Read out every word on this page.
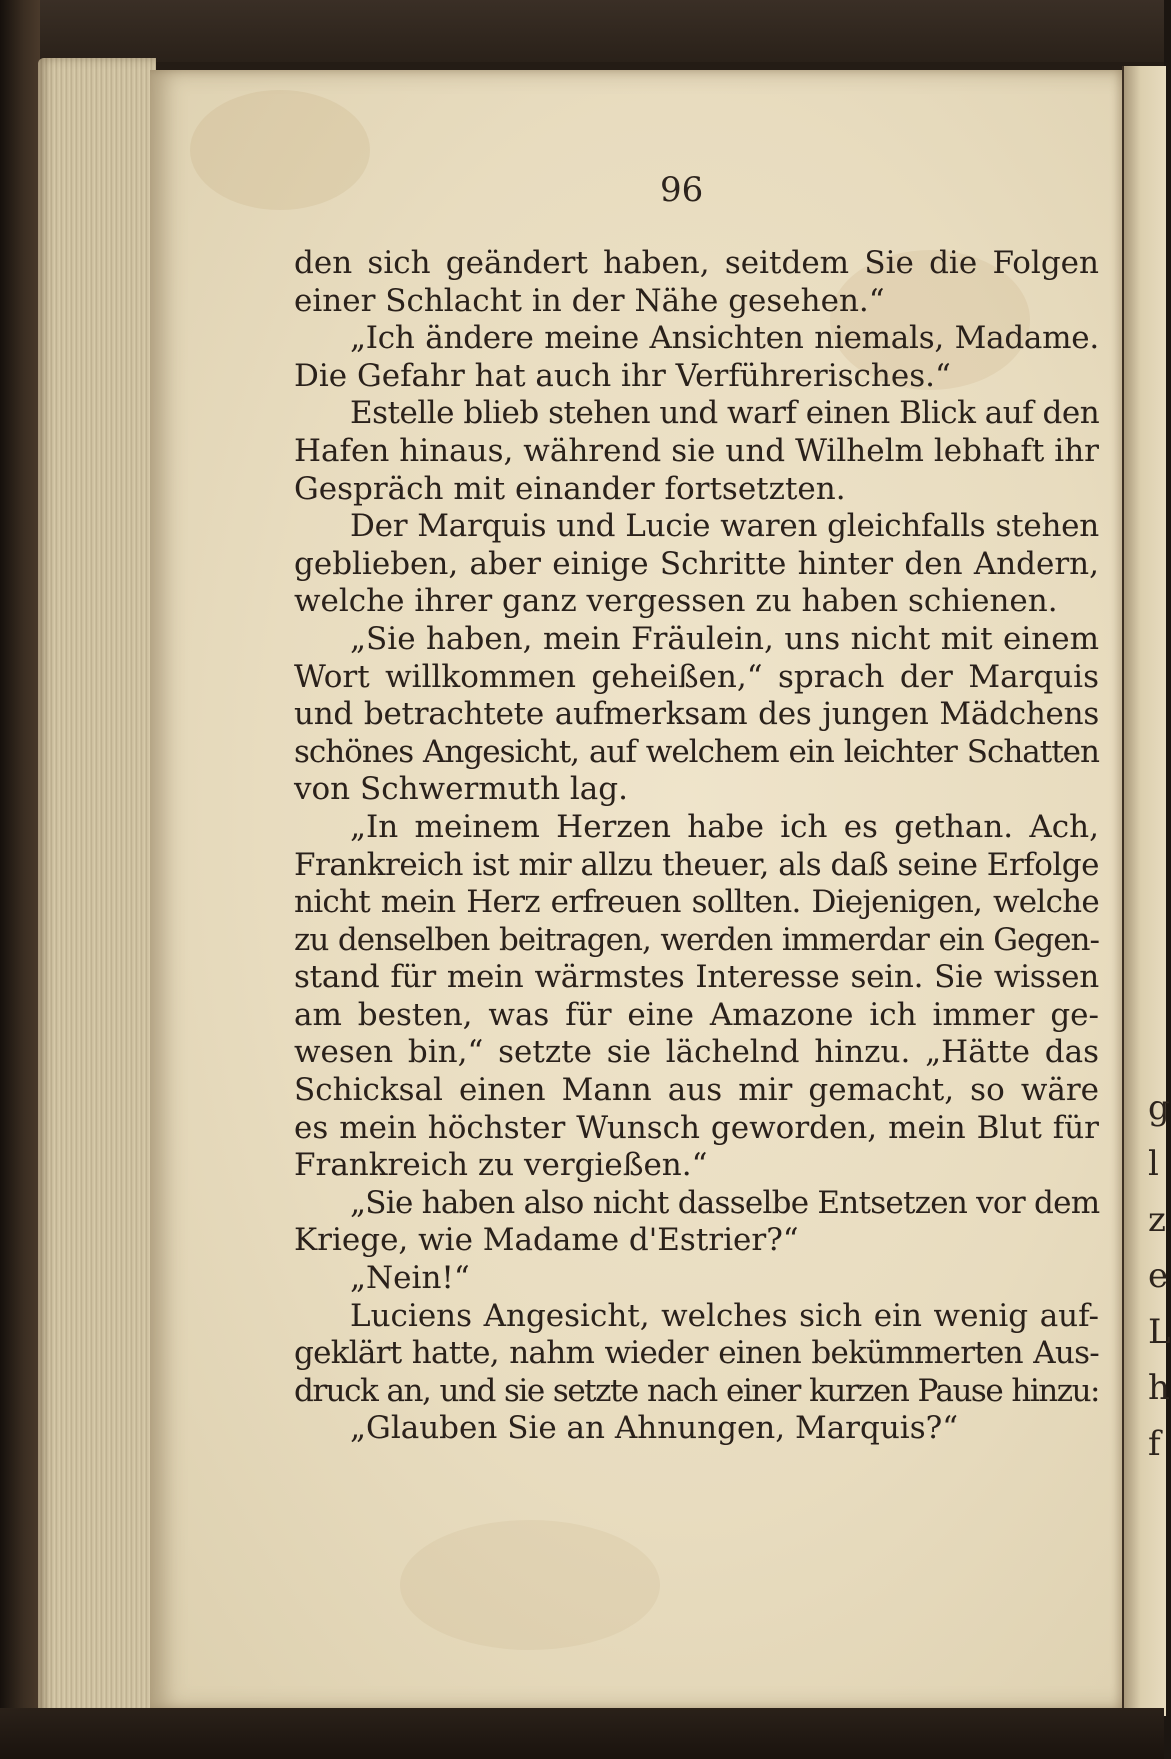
g
l
z
e
L
h
f
96
den sich geändert haben, seitdem Sie die Folgen
einer Schlacht in der Nähe gesehen.“
„Ich ändere meine Ansichten niemals, Madame.
Die Gefahr hat auch ihr Verführerisches.“
Estelle blieb stehen und warf einen Blick auf den
Hafen hinaus, während sie und Wilhelm lebhaft ihr
Gespräch mit einander fortsetzten.
Der Marquis und Lucie waren gleichfalls stehen
geblieben, aber einige Schritte hinter den Andern,
welche ihrer ganz vergessen zu haben schienen.
„Sie haben, mein Fräulein, uns nicht mit einem
Wort willkommen geheißen,“ sprach der Marquis
und betrachtete aufmerksam des jungen Mädchens
schönes Angesicht, auf welchem ein leichter Schatten
von Schwermuth lag.
„In meinem Herzen habe ich es gethan. Ach,
Frankreich ist mir allzu theuer, als daß seine Erfolge
nicht mein Herz erfreuen sollten. Diejenigen, welche
zu denselben beitragen, werden immerdar ein Gegen-
stand für mein wärmstes Interesse sein. Sie wissen
am besten, was für eine Amazone ich immer ge-
wesen bin,“ setzte sie lächelnd hinzu. „Hätte das
Schicksal einen Mann aus mir gemacht, so wäre
es mein höchster Wunsch geworden, mein Blut für
Frankreich zu vergießen.“
„Sie haben also nicht dasselbe Entsetzen vor dem
Kriege, wie Madame d'Estrier?“
„Nein!“
Luciens Angesicht, welches sich ein wenig auf-
geklärt hatte, nahm wieder einen bekümmerten Aus-
druck an, und sie setzte nach einer kurzen Pause hinzu:
„Glauben Sie an Ahnungen, Marquis?“
